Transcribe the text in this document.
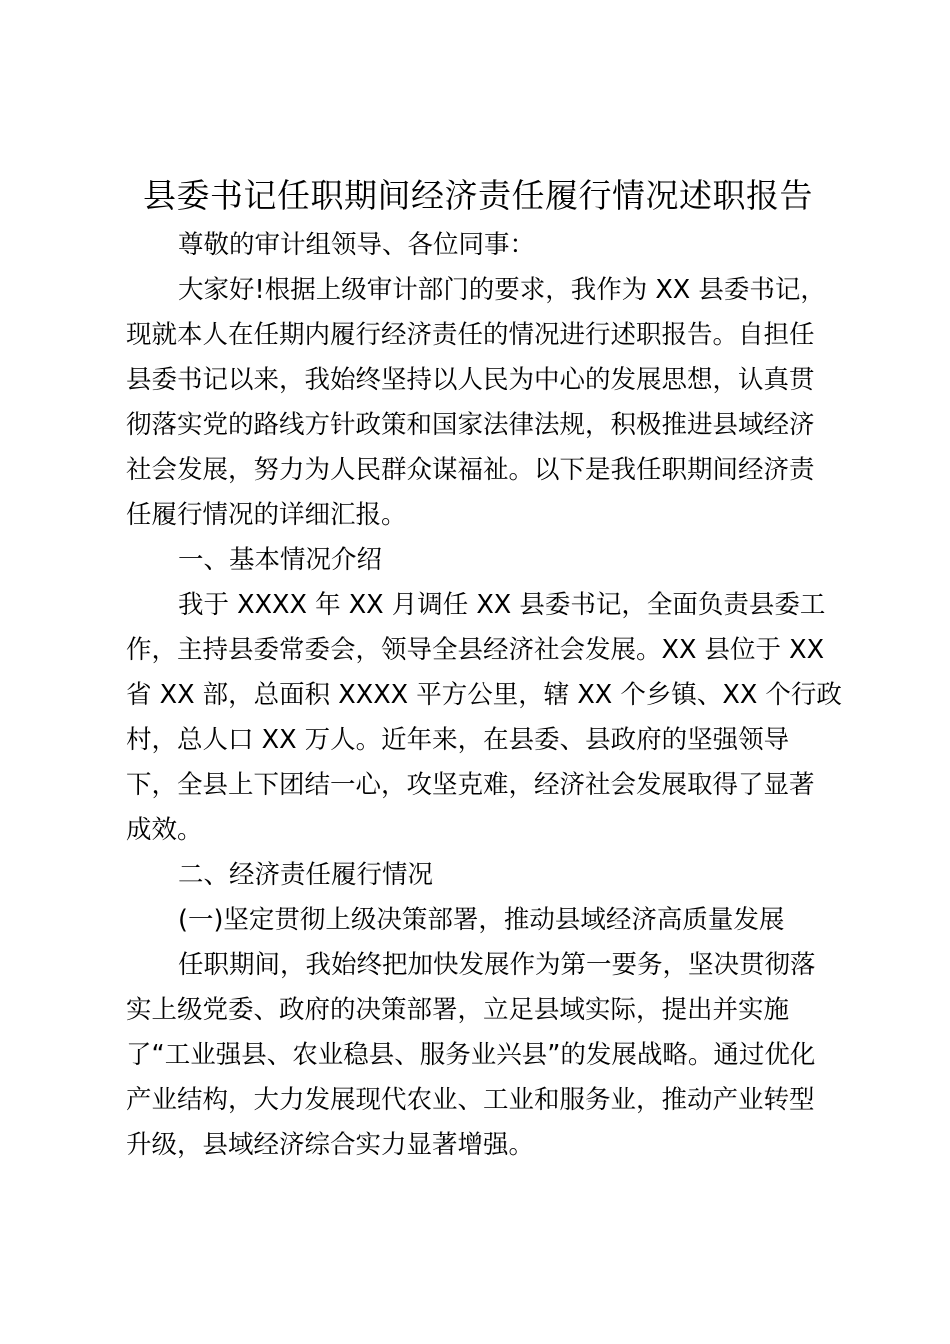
县委书记任职期间经济责任履行情况述职报告
尊敬的审计组领导、各位同事：
大家好!根据上级审计部门的要求，我作为 XX 县委书记，
现就本人在任期内履行经济责任的情况进行述职报告。自担任
县委书记以来，我始终坚持以人民为中心的发展思想，认真贯
彻落实党的路线方针政策和国家法律法规，积极推进县域经济
社会发展，努力为人民群众谋福祉。以下是我任职期间经济责
任履行情况的详细汇报。
一、基本情况介绍
我于 XXXX 年 XX 月调任 XX 县委书记，全面负责县委工
作，主持县委常委会，领导全县经济社会发展。XX 县位于 XX
省 XX 部，总面积 XXXX 平方公里，辖 XX 个乡镇、XX 个行政
村，总人口 XX 万人。近年来，在县委、县政府的坚强领导
下，全县上下团结一心，攻坚克难，经济社会发展取得了显著
成效。
二、经济责任履行情况
(一)坚定贯彻上级决策部署，推动县域经济高质量发展
任职期间，我始终把加快发展作为第一要务，坚决贯彻落
实上级党委、政府的决策部署，立足县域实际，提出并实施
了“工业强县、农业稳县、服务业兴县”的发展战略。通过优化
产业结构，大力发展现代农业、工业和服务业，推动产业转型
升级，县域经济综合实力显著增强。
